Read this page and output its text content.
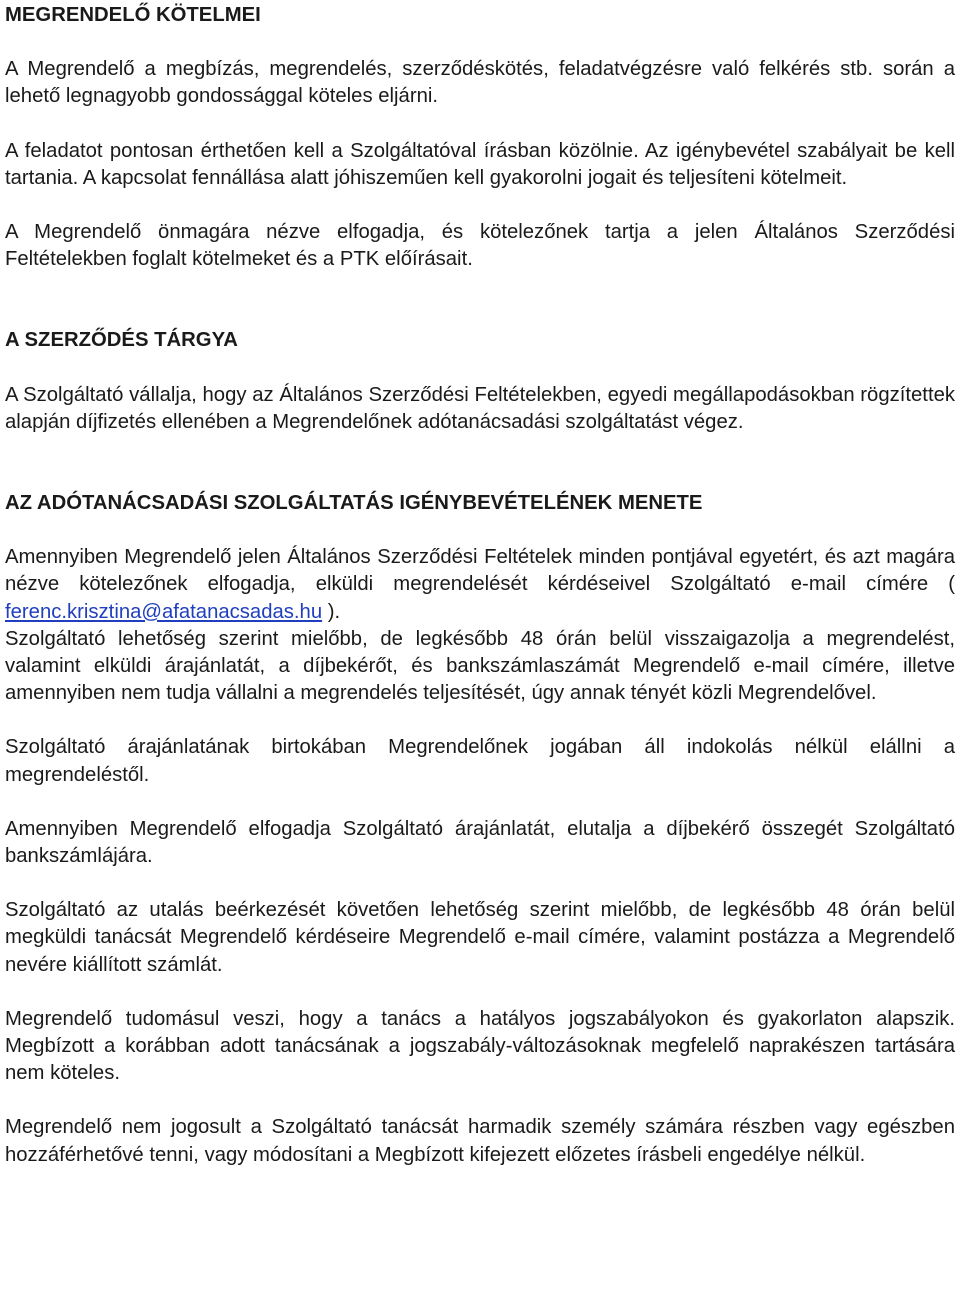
MEGRENDELŐ KÖTELMEI

A Megrendelő a megbízás, megrendelés, szerződéskötés, feladatvégzésre való felkérés stb. során a lehető legnagyobb gondossággal köteles eljárni.

A feladatot pontosan érthetően kell a Szolgáltatóval írásban közölnie. Az igénybevétel szabályait be kell tartania. A kapcsolat fennállása alatt jóhiszeműen kell gyakorolni jogait és teljesíteni kötelmeit.

A Megrendelő önmagára nézve elfogadja, és kötelezőnek tartja a jelen Általános Szerződési Feltételekben foglalt kötelmeket és a PTK előírásait.

A SZERZŐDÉS TÁRGYA

A Szolgáltató vállalja, hogy az Általános Szerződési Feltételekben, egyedi megállapodásokban rögzítettek alapján díjfizetés ellenében a Megrendelőnek adótanácsadási szolgáltatást végez.

AZ ADÓTANÁCSADÁSI SZOLGÁLTATÁS IGÉNYBEVÉTELÉNEK MENETE

Amennyiben Megrendelő jelen Általános Szerződési Feltételek minden pontjával egyetért, és azt magára nézve kötelezőnek elfogadja, elküldi megrendelését kérdéseivel Szolgáltató e-mail címére ( ferenc.krisztina@afatanacsadas.hu ).

Szolgáltató lehetőség szerint mielőbb, de legkésőbb 48 órán belül visszaigazolja a megrendelést, valamint elküldi árajánlatát, a díjbekérőt, és bankszámlaszámát Megrendelő e-mail címére, illetve amennyiben nem tudja vállalni a megrendelés teljesítését, úgy annak tényét közli Megrendelővel.

Szolgáltató árajánlatának birtokában Megrendelőnek jogában áll indokolás nélkül elállni a megrendeléstől.

Amennyiben Megrendelő elfogadja Szolgáltató árajánlatát, elutalja a díjbekérő összegét Szolgáltató bankszámlájára.

Szolgáltató az utalás beérkezését követően lehetőség szerint mielőbb, de legkésőbb 48 órán belül megküldi tanácsát Megrendelő kérdéseire Megrendelő e-mail címére, valamint postázza a Megrendelő nevére kiállított számlát.

Megrendelő tudomásul veszi, hogy a tanács a hatályos jogszabályokon és gyakorlaton alapszik. Megbízott a korábban adott tanácsának a jogszabály-változásoknak megfelelő naprakészen tartására nem köteles.

Megrendelő nem jogosult a Szolgáltató tanácsát harmadik személy számára részben vagy egészben hozzáférhetővé tenni, vagy módosítani a Megbízott kifejezett előzetes írásbeli engedélye nélkül.
